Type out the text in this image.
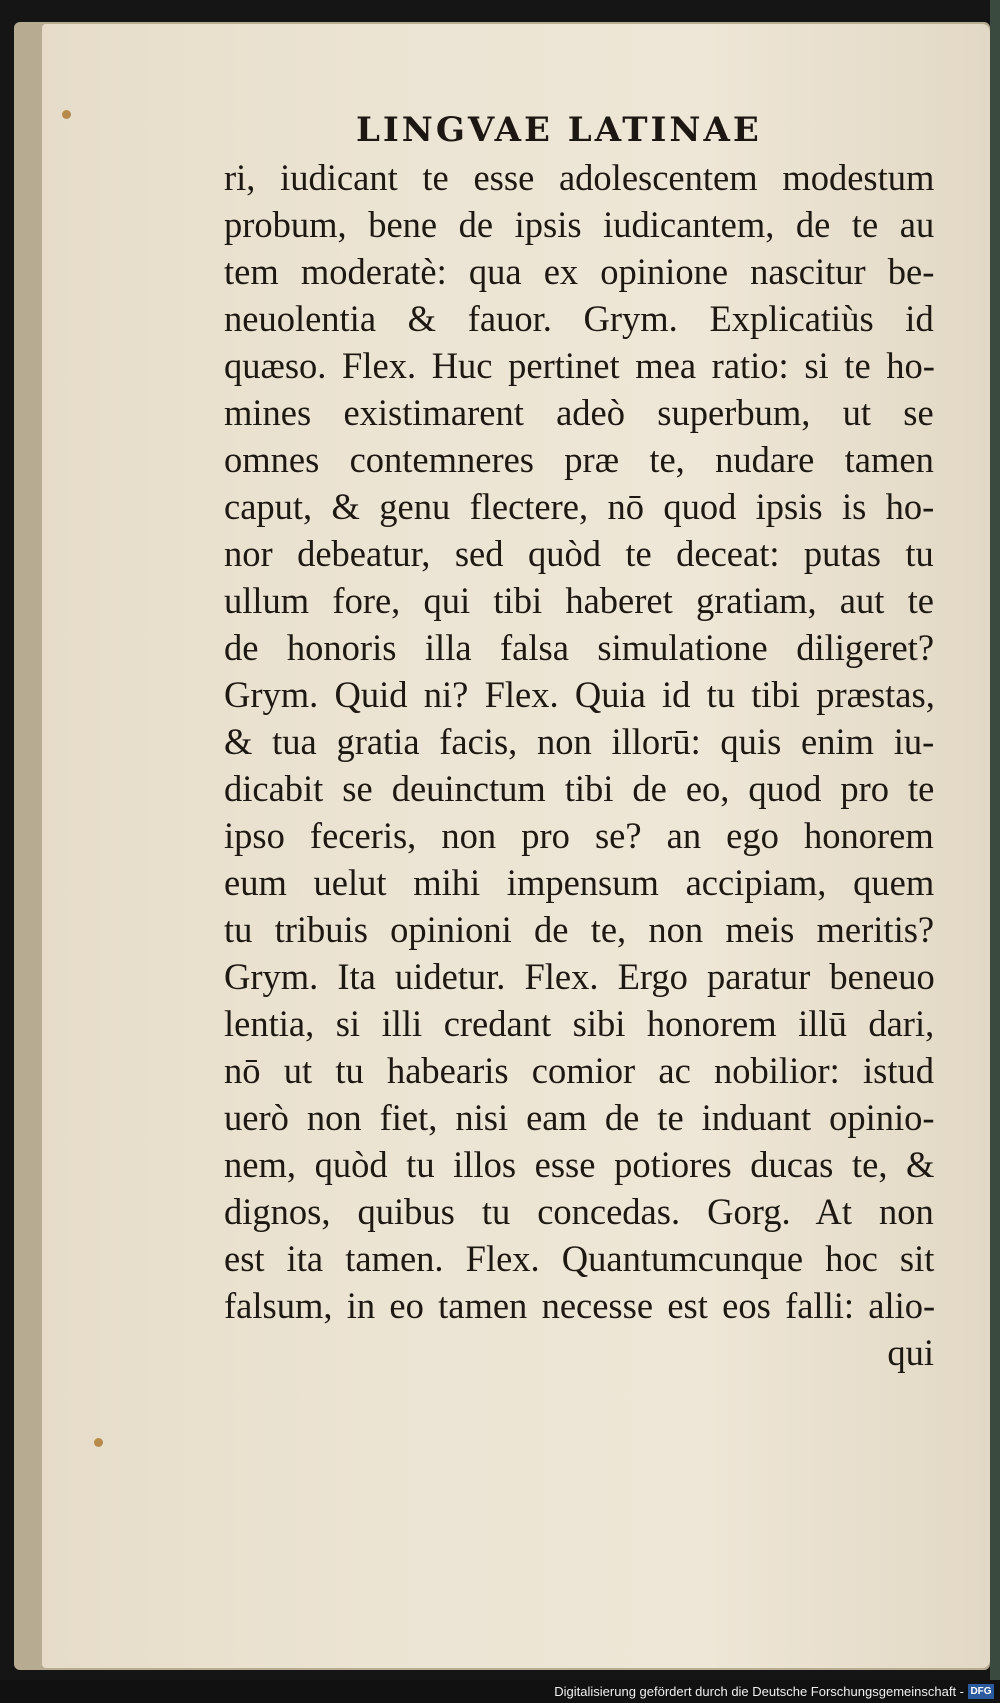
LINGVAE LATINAE
ri, iudicant te esse adolescentem modestum
probum, bene de ipsis iudicantem, de te au
tem moderatè: qua ex opinione nascitur be-
neuolentia & fauor. Grym. Explicatiùs id
quæso. Flex. Huc pertinet mea ratio: si te ho-
mines existimarent adeò superbum, ut se
omnes contemneres præ te, nudare tamen
caput, & genu flectere, nō quod ipsis is ho-
nor debeatur, sed quòd te deceat: putas tu
ullum fore, qui tibi haberet gratiam, aut te
de honoris illa falsa simulatione diligeret?
Grym. Quid ni? Flex. Quia id tu tibi præstas,
& tua gratia facis, non illorū: quis enim iu-
dicabit se deuinctum tibi de eo, quod pro te
ipso feceris, non pro se? an ego honorem
eum uelut mihi impensum accipiam, quem
tu tribuis opinioni de te, non meis meritis?
Grym. Ita uidetur. Flex. Ergo paratur beneuo
lentia, si illi credant sibi honorem illū dari,
nō ut tu habearis comior ac nobilior: istud
uerò non fiet, nisi eam de te induant opinio-
nem, quòd tu illos esse potiores ducas te, &
dignos, quibus tu concedas. Gorg. At non
est ita tamen. Flex. Quantumcunque hoc sit
falsum, in eo tamen necesse est eos falli: alio-
qui
Digitalisierung gefördert durch die Deutsche Forschungsgemeinschaft - DFG
